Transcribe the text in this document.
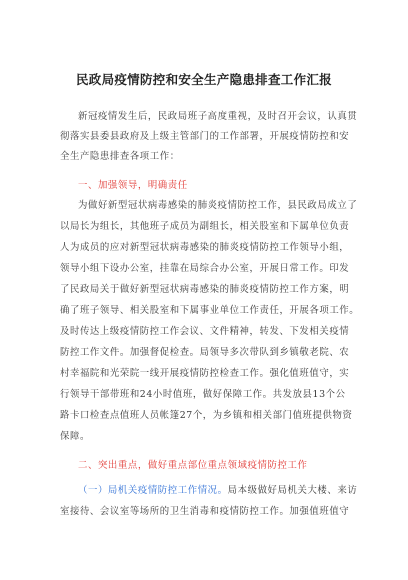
民政局疫情防控和安全生产隐患排查工作汇报
新冠疫情发生后，民政局班子高度重视，及时召开会议，认真贯
彻落实县委县政府及上级主管部门的工作部署，开展疫情防控和安
全生产隐患排查各项工作：
一、加强领导，明确责任
为做好新型冠状病毒感染的肺炎疫情防控工作，县民政局成立了
以局长为组长，其他班子成员为副组长，相关股室和下属单位负责
人为成员的应对新型冠状病毒感染的肺炎疫情防控工作领导小组，
领导小组下设办公室，挂靠在局综合办公室，开展日常工作。印发
了民政局关于做好新型冠状病毒感染的肺炎疫情防控工作方案，明
确了班子领导、相关股室和下属事业单位工作责任，开展各项工作。
及时传达上级疫情防控工作会议、文件精神，转发、下发相关疫情
防控工作文件。加强督促检查。局领导多次带队到乡镇敬老院、农
村幸福院和光荣院一线开展疫情防控检查工作。强化值班值守，实
行领导干部带班和24小时值班，做好保障工作。共发放县13个公
路卡口检查点值班人员帐篷27个，为乡镇和相关部门值班提供物资
保障。
二、突出重点，做好重点部位重点领域疫情防控工作
（一）局机关疫情防控工作情况。局本级做好局机关大楼、来访
室接待、会议室等场所的卫生消毒和疫情防控工作。加强值班值守
